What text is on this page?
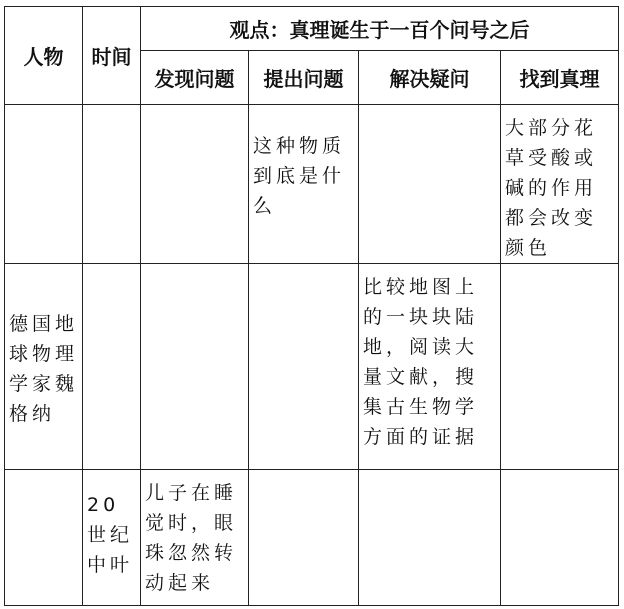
人物	时间	观点：真理诞生于一百个问号之后			
		发现问题	提出问题	解决疑问	找到真理
			这种物质到底是什么		大部分花草受酸或碱的作用都会改变颜色
德国地球物理学家魏格纳				比较地图上的一块块陆地，阅读大量文献，搜集古生物学方面的证据	
	20世纪中叶	儿子在睡觉时，眼珠忽然转动起来			
